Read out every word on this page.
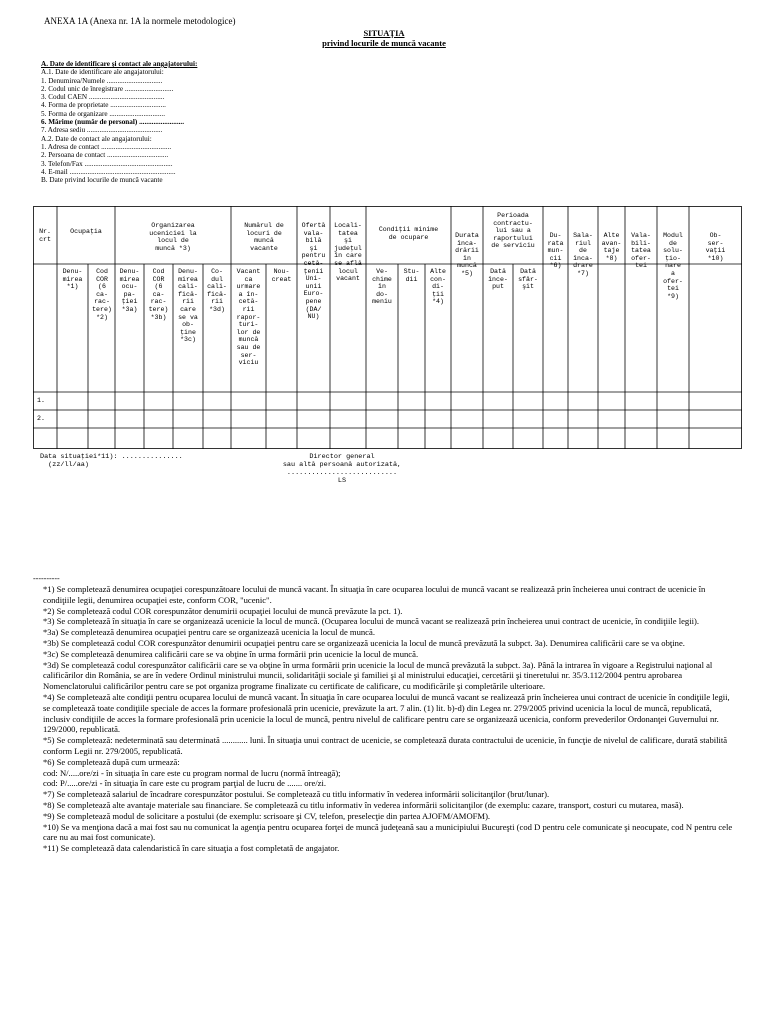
ANEXA 1A (Anexa nr. 1A la normele metodologice)
SITUAŢIA
privind locurile de muncă vacante
A. Date de identificare şi contact ale angajatorului:
A.1. Date de identificare ale angajatorului:
1. Denumirea/Numele ...............................
2. Codul unic de înregistrare ...........................
3. Codul CAEN ..........................................
4. Forma de proprietate ...............................
5. Forma de organizare ...............................
6. Mărime (număr de personal) .........................
7. Adresa sediu ..........................................
A.2. Date de contact ale angajatorului:
1. Adresa de contact .......................................
2. Persoana de contact ..................................
3. Telefon/Fax .................................................
4. E-mail ...........................................................
B. Date privind locurile de muncă vacante
Nr.
crt
Ocupaţia
Organizarea
uceniciei la
locul de
muncă *3)
Numărul de
locuri de
muncă
vacante
Ofertă
vala-
bilă
şi
pentru
cetă-
ţenii
Uni-
unii
Euro-
pene
(DA/
NU)
Locali-
tatea
şi
judeţul
în care
se află
locul
vacant
Condiţii minime
de ocupare	Durata
înca-
drării
în
muncă
*5)
Perioada
contractu-
lui sau a
raportului
de serviciu
Du-
rata
mun-
cii
*6)
Sala-
riul
de
înca-
drare
*7)
Alte
avan-
taje
*8)
Vala-
bili-
tatea
ofer-
tei
Modul
de
solu-
ţio-
nare
a
ofer-
tei
*9)
Ob-
ser-
vaţii
*10)
Denu-
mirea
*1)
Cod
COR
(6
ca-
rac-
tere)
*2)
Denu-
mirea
ocu-
pa-
ţiei
*3a)
Cod
COR
(6
ca-
rac-
tere)
*3b)
Denu-
mirea
cali-
fică-
rii
care
se va
ob-
ţine
*3c)
Co-
dul
cali-
fică-
rii
*3d)
Vacant
ca
urmare
a în-
cetă-
rii
rapor-
turi-
lor de
muncă
sau de
ser-
viciu
Nou-
creat
Ve-
chime
în
do-
meniu
Stu-
dii
Alte
con-
di-
ţii
*4)
Dată
înce-
put
Dată
sfâr-
şit
1.
2.
Data situaţiei*11): ...............
(zz/ll/aa)
Director general
sau altă persoană autorizată,
...........................
LS
----------

*1) Se completează denumirea ocupaţiei corespunzătoare locului de muncă vacant. În situaţia în care ocuparea locului de muncă vacant se realizează prin încheierea unui contract de ucenicie în condiţiile legii, denumirea ocupaţiei este, conform COR, "ucenic".

*2) Se completează codul COR corespunzător denumirii ocupaţiei locului de muncă prevăzute la pct. 1).

*3) Se completează în situaţia în care se organizează ucenicie la locul de muncă. (Ocuparea locului de muncă vacant se realizează prin încheierea unui contract de ucenicie, în condiţiile legii).

*3a) Se completează denumirea ocupaţiei pentru care se organizează ucenicia la locul de muncă.

*3b) Se completează codul COR corespunzător denumirii ocupaţiei pentru care se organizează ucenicia la locul de muncă prevăzută la subpct. 3a). Denumirea calificării care se va obţine.

*3c) Se completează denumirea calificării care se va obţine în urma formării prin ucenicie la locul de muncă.

*3d) Se completează codul corespunzător calificării care se va obţine în urma formării prin ucenicie la locul de muncă prevăzută la subpct. 3a). Până la intrarea în vigoare a Registrului naţional al calificărilor din România, se are în vedere Ordinul ministrului muncii, solidarităţii sociale şi familiei şi al ministrului educaţiei, cercetării şi tineretului nr. 35/3.112/2004 pentru aprobarea Nomenclatorului calificărilor pentru care se pot organiza programe finalizate cu certificate de calificare, cu modificările şi completările ulterioare.

*4) Se completează alte condiţii pentru ocuparea locului de muncă vacant. În situaţia în care ocuparea locului de muncă vacant se realizează prin încheierea unui contract de ucenicie în condiţiile legii, se completează toate condiţiile speciale de acces la formare profesională prin ucenicie, prevăzute la art. 7 alin. (1) lit. b)-d) din Legea nr. 279/2005 privind ucenicia la locul de muncă, republicată, inclusiv condiţiile de acces la formare profesională prin ucenicie la locul de muncă, pentru nivelul de calificare pentru care se organizează ucenicia, conform prevederilor Ordonanţei Guvernului nr. 129/2000, republicată.

*5) Se completează: nedeterminată sau determinată ............ luni. În situaţia unui contract de ucenicie, se completează durata contractului de ucenicie, în funcţie de nivelul de calificare, durată stabilită conform Legii nr. 279/2005, republicată.

*6) Se completează după cum urmează:

cod: N/.....ore/zi - în situaţia în care este cu program normal de lucru (normă întreagă);

cod: P/.....ore/zi - în situaţia în care este cu program parţial de lucru de ....... ore/zi.

*7) Se completează salariul de încadrare corespunzător postului. Se completează cu titlu informativ în vederea informării solicitanţilor (brut/lunar).

*8) Se completează alte avantaje materiale sau financiare. Se completează cu titlu informativ în vederea informării solicitanţilor (de exemplu: cazare, transport, costuri cu mutarea, masă).

*9) Se completează modul de solicitare a postului (de exemplu: scrisoare şi CV, telefon, preselecţie din partea AJOFM/AMOFM).

*10) Se va menţiona dacă a mai fost sau nu comunicat la agenţia pentru ocuparea forţei de muncă judeţeană sau a municipiului Bucureşti (cod D pentru cele comunicate şi neocupate, cod N pentru cele care nu au mai fost comunicate).

*11) Se completează data calendaristică în care situaţia a fost completată de angajator.
